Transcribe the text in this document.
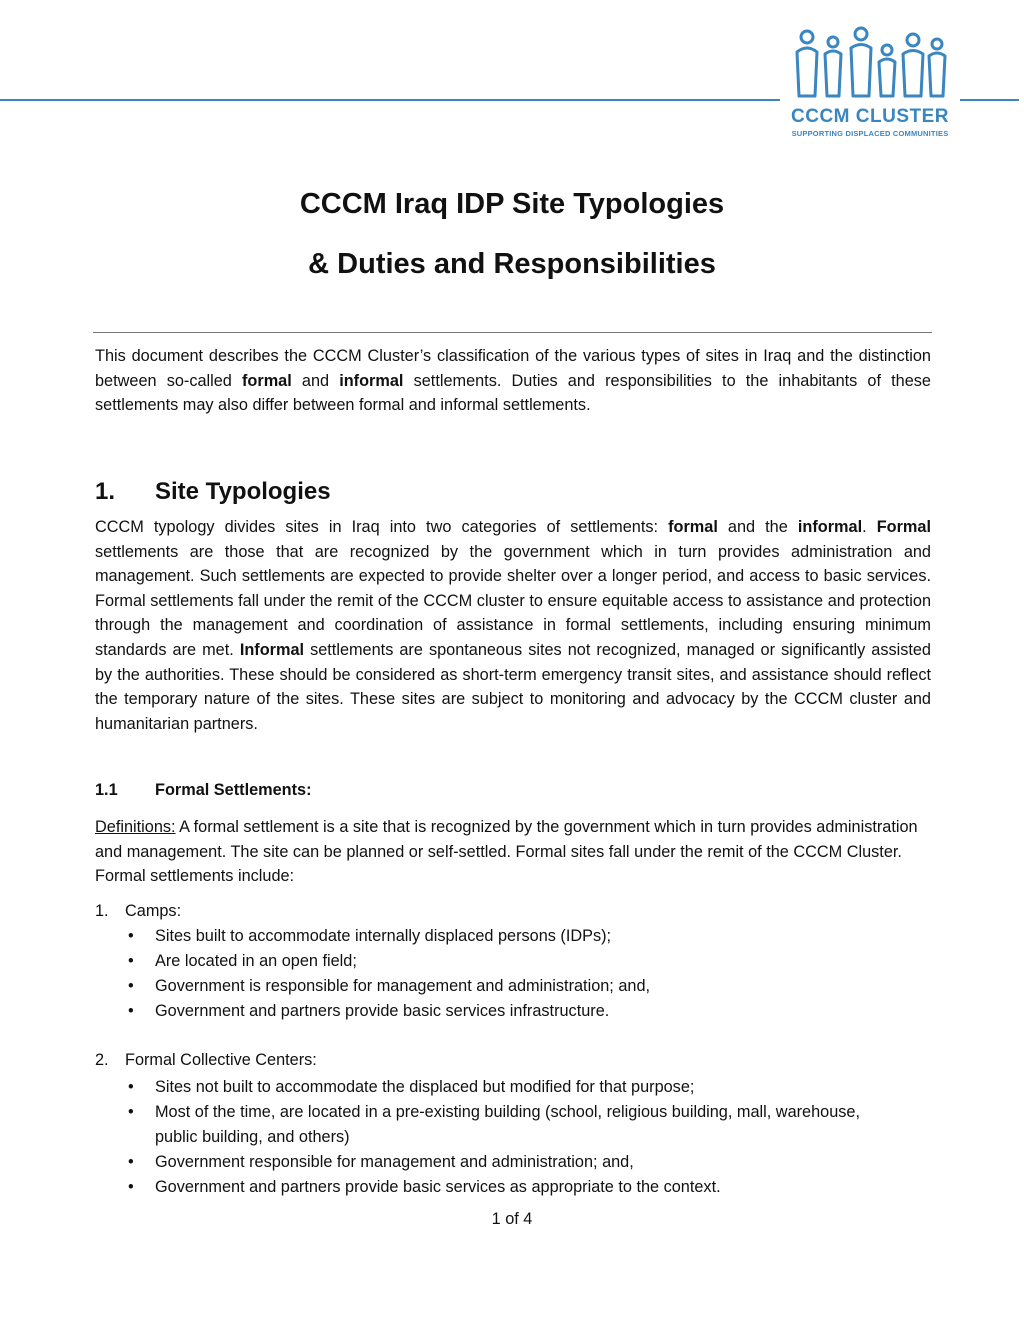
CCCM CLUSTER
SUPPORTING DISPLACED COMMUNITIES
CCCM Iraq IDP Site Typologies
& Duties and Responsibilities
This document describes the CCCM Cluster’s classification of the various types of sites in Iraq and the distinction between so-called formal and informal settlements. Duties and responsibilities to the inhabitants of these settlements may also differ between formal and informal settlements.
1. Site Typologies
CCCM typology divides sites in Iraq into two categories of settlements: formal and the informal. Formal settlements are those that are recognized by the government which in turn provides administration and management. Such settlements are expected to provide shelter over a longer period, and access to basic services. Formal settlements fall under the remit of the CCCM cluster to ensure equitable access to assistance and protection through the management and coordination of assistance in formal settlements, including ensuring minimum standards are met. Informal settlements are spontaneous sites not recognized, managed or significantly assisted by the authorities. These should be considered as short-term emergency transit sites, and assistance should reflect the temporary nature of the sites. These sites are subject to monitoring and advocacy by the CCCM cluster and humanitarian partners.
1.1 Formal Settlements:
Definitions: A formal settlement is a site that is recognized by the government which in turn provides administration and management. The site can be planned or self-settled. Formal sites fall under the remit of the CCCM Cluster. Formal settlements include:
1. Camps:
• Sites built to accommodate internally displaced persons (IDPs);
• Are located in an open field;
• Government is responsible for management and administration; and,
• Government and partners provide basic services infrastructure.
2. Formal Collective Centers:
• Sites not built to accommodate the displaced but modified for that purpose;
• Most of the time, are located in a pre-existing building (school, religious building, mall, warehouse, public building, and others)
• Government responsible for management and administration; and,
• Government and partners provide basic services as appropriate to the context.
1 of 4
